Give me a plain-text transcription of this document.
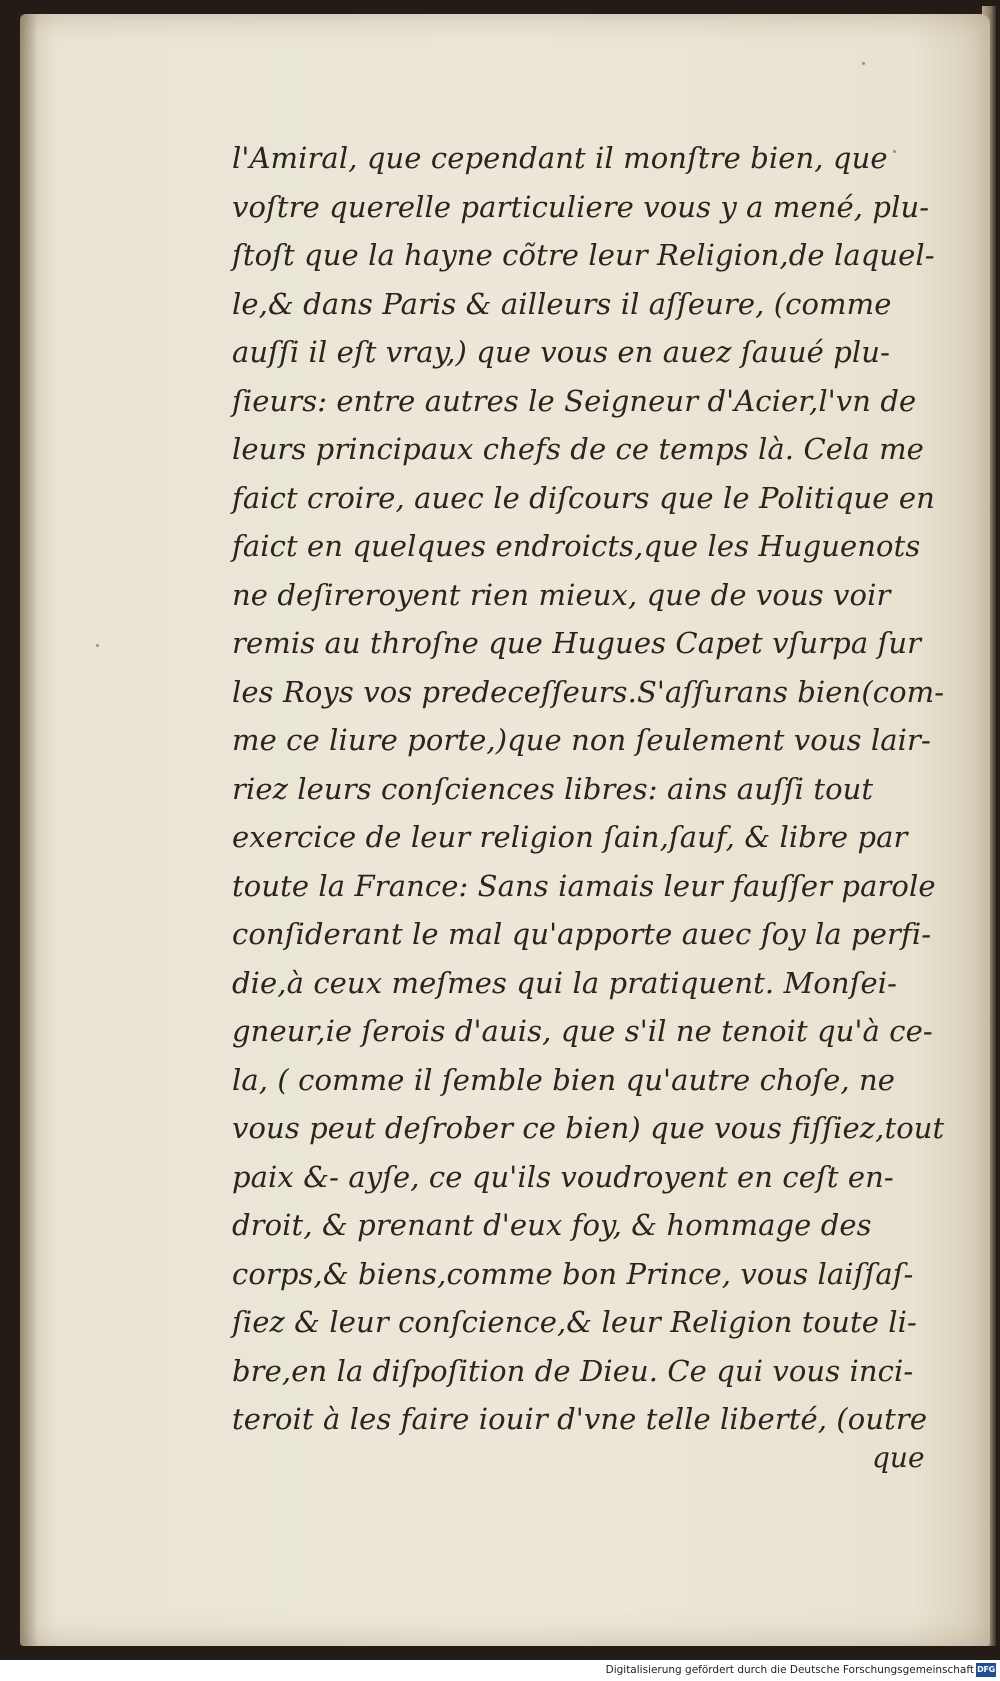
l'Amiral, que cependant il monſtre bien, que
voſtre querelle particuliere vous y a mené, plu-
ſtoſt que la hayne cõtre leur Religion,de laquel-
le,& dans Paris & ailleurs il aſſeure, (comme
auſſi il eſt vray,) que vous en auez ſauué plu-
ſieurs: entre autres le Seigneur d'Acier,l'vn de
leurs principaux chefs de ce temps là. Cela me
faict croire, auec le diſcours que le Politique en
faict en quelques endroicts,que les Huguenots
ne deſireroyent rien mieux, que de vous voir
remis au throſne que Hugues Capet vſurpa ſur
les Roys vos predeceſſeurs.S'aſſurans bien(com-
me ce liure porte,)que non ſeulement vous lair-
riez leurs conſciences libres: ains auſſi tout
exercice de leur religion ſain,ſauf, & libre par
toute la France: Sans iamais leur fauſſer parole
conſiderant le mal qu'apporte auec ſoy la perfi-
die,à ceux meſmes qui la pratiquent. Monſei-
gneur,ie ſerois d'auis, que s'il ne tenoit qu'à ce-
la, ( comme il ſemble bien qu'autre choſe, ne
vous peut deſrober ce bien) que vous fiſſiez,tout
paix &- ayſe, ce qu'ils voudroyent en ceſt en-
droit, & prenant d'eux foy, & hommage des
corps,& biens,comme bon Prince, vous laiſſaſ-
ſiez & leur conſcience,& leur Religion toute li-
bre,en la diſpoſition de Dieu. Ce qui vous inci-
teroit à les faire iouir d'vne telle liberté, (outre
que
Digitalisierung gefördert durch die Deutsche Forschungsgemeinschaft DFG
